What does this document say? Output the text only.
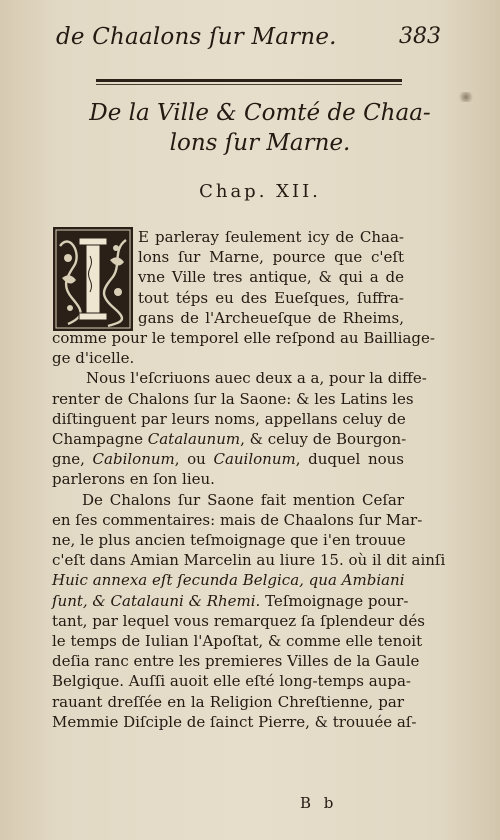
de Chaalons ſur Marne.	383
De la Ville & Comté de Chaa-
lons ſur Marne.
Chap. XII.
E parleray ſeulement icy de Chaa-
lons ſur Marne, pource que c'eſt
vne Ville tres antique, & qui a de
tout téps eu des Eueſques, ſuffra-
gans de l'Archeueſque de Rheims,
comme pour le temporel elle reſpond au Bailliage-
ge d'icelle.
Nous l'eſcriuons auec deux a a, pour la diffe-
renter de Chalons ſur la Saone: & les Latins les
diſtinguent par leurs noms, appellans celuy de
Champagne Catalaunum, & celuy de Bourgon-
gne, Cabilonum, ou Cauilonum, duquel nous
parlerons en ſon lieu.
De Chalons ſur Saone fait mention Ceſar
en ſes commentaires: mais de Chaalons ſur Mar-
ne, le plus ancien teſmoignage que i'en trouue
c'eſt dans Amian Marcelin au liure 15. où il dit ainſi
Huic annexa eſt ſecunda Belgica, qua Ambiani
ſunt, & Catalauni & Rhemi. Teſmoignage pour-
tant, par lequel vous remarquez ſa ſplendeur dés
le temps de Iulian l'Apoſtat, & comme elle tenoit
deſia ranc entre les premieres Villes de la Gaule
Belgique. Auſſi auoit elle eſté long-temps aupa-
rauant dreſſée en la Religion Chreſtienne, par
Memmie Diſciple de ſainct Pierre, & trouuée aſ-
B b
